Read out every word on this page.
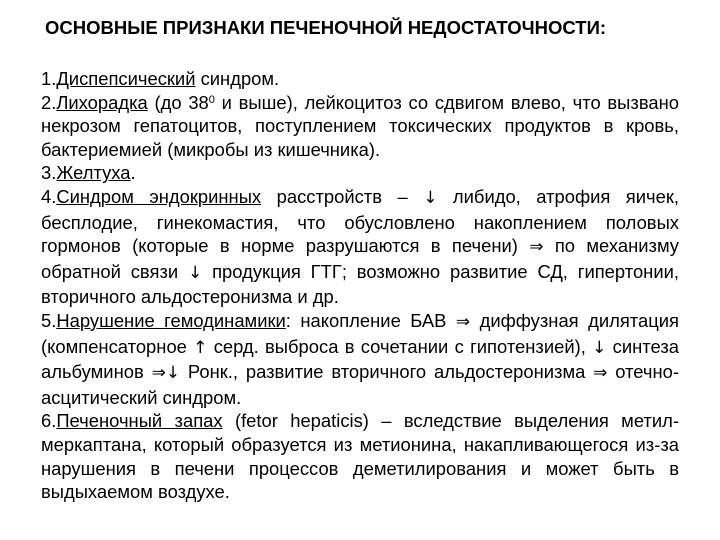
ОСНОВНЫЕ ПРИЗНАКИ ПЕЧЕНОЧНОЙ НЕДОСТАТОЧНОСТИ:

1.Диспепсический синдром.

2.Лихорадка (до $38^0$ и выше), лейкоцитоз со сдвигом влево, что вызвано некрозом гепатоцитов, поступлением токсических продуктов в кровь, бактериемией (микробы из кишечника).

3.Желтуха.

4.Синдром эндокринных расстройств – ↓ либидо, атрофия яичек, бесплодие, гинекомастия, что обусловлено накоплением половых гормонов (которые в норме разрушаются в печени) ⇒ по механизму обратной связи ↓ продукция ГТГ; возможно развитие СД, гипертонии, вторичного альдостеронизма и др.

5.Нарушение гемодинамики: накопление БАВ ⇒ диффузная дилятация (компенсаторное ↑ серд. выброса в сочетании с гипотензией), ↓ синтеза альбуминов ⇒↓ Ронк., развитие вторичного альдостеронизма ⇒ отечно-асцитический синдром.

6.Печеночный запах (fetor hepaticis) – вследствие выделения метил-меркаптана, который образуется из метионина, накапливающегося из-за нарушения в печени процессов деметилирования и может быть в выдыхаемом воздухе.
